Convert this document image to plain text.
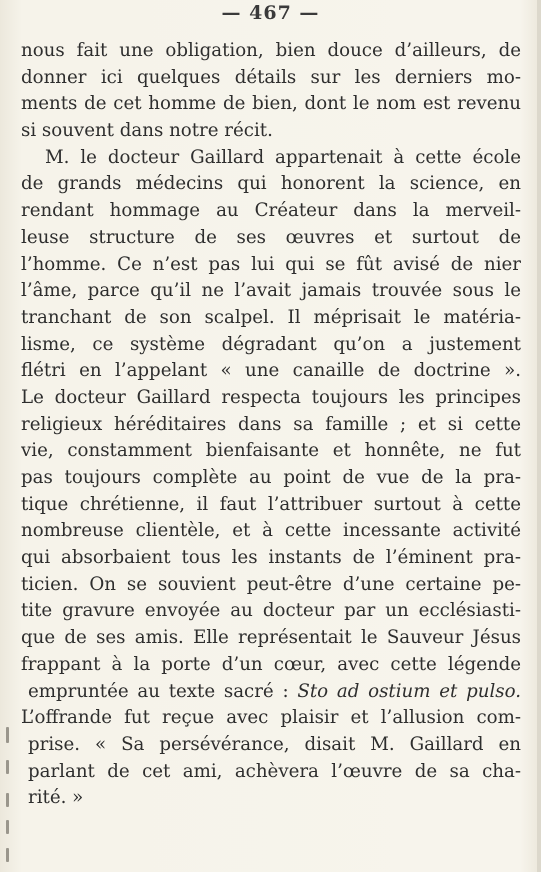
— 467 —
nous fait une obligation, bien douce d’ailleurs, de
donner ici quelques détails sur les derniers mo-
ments de cet homme de bien, dont le nom est revenu
si souvent dans notre récit.
M. le docteur Gaillard appartenait à cette école
de grands médecins qui honorent la science, en
rendant hommage au Créateur dans la merveil-
leuse structure de ses œuvres et surtout de
l’homme. Ce n’est pas lui qui se fût avisé de nier
l’âme, parce qu’il ne l’avait jamais trouvée sous le
tranchant de son scalpel. Il méprisait le matéria-
lisme, ce système dégradant qu’on a justement
flétri en l’appelant « une canaille de doctrine ».
Le docteur Gaillard respecta toujours les principes
religieux héréditaires dans sa famille ; et si cette
vie, constamment bienfaisante et honnête, ne fut
pas toujours complète au point de vue de la pra-
tique chrétienne, il faut l’attribuer surtout à cette
nombreuse clientèle, et à cette incessante activité
qui absorbaient tous les instants de l’éminent pra-
ticien. On se souvient peut-être d’une certaine pe-
tite gravure envoyée au docteur par un ecclésiasti-
que de ses amis. Elle représentait le Sauveur Jésus
frappant à la porte d’un cœur, avec cette légende
empruntée au texte sacré : Sto ad ostium et pulso.
L’offrande fut reçue avec plaisir et l’allusion com-
prise. « Sa persévérance, disait M. Gaillard en
parlant de cet ami, achèvera l’œuvre de sa cha-
rité. »
